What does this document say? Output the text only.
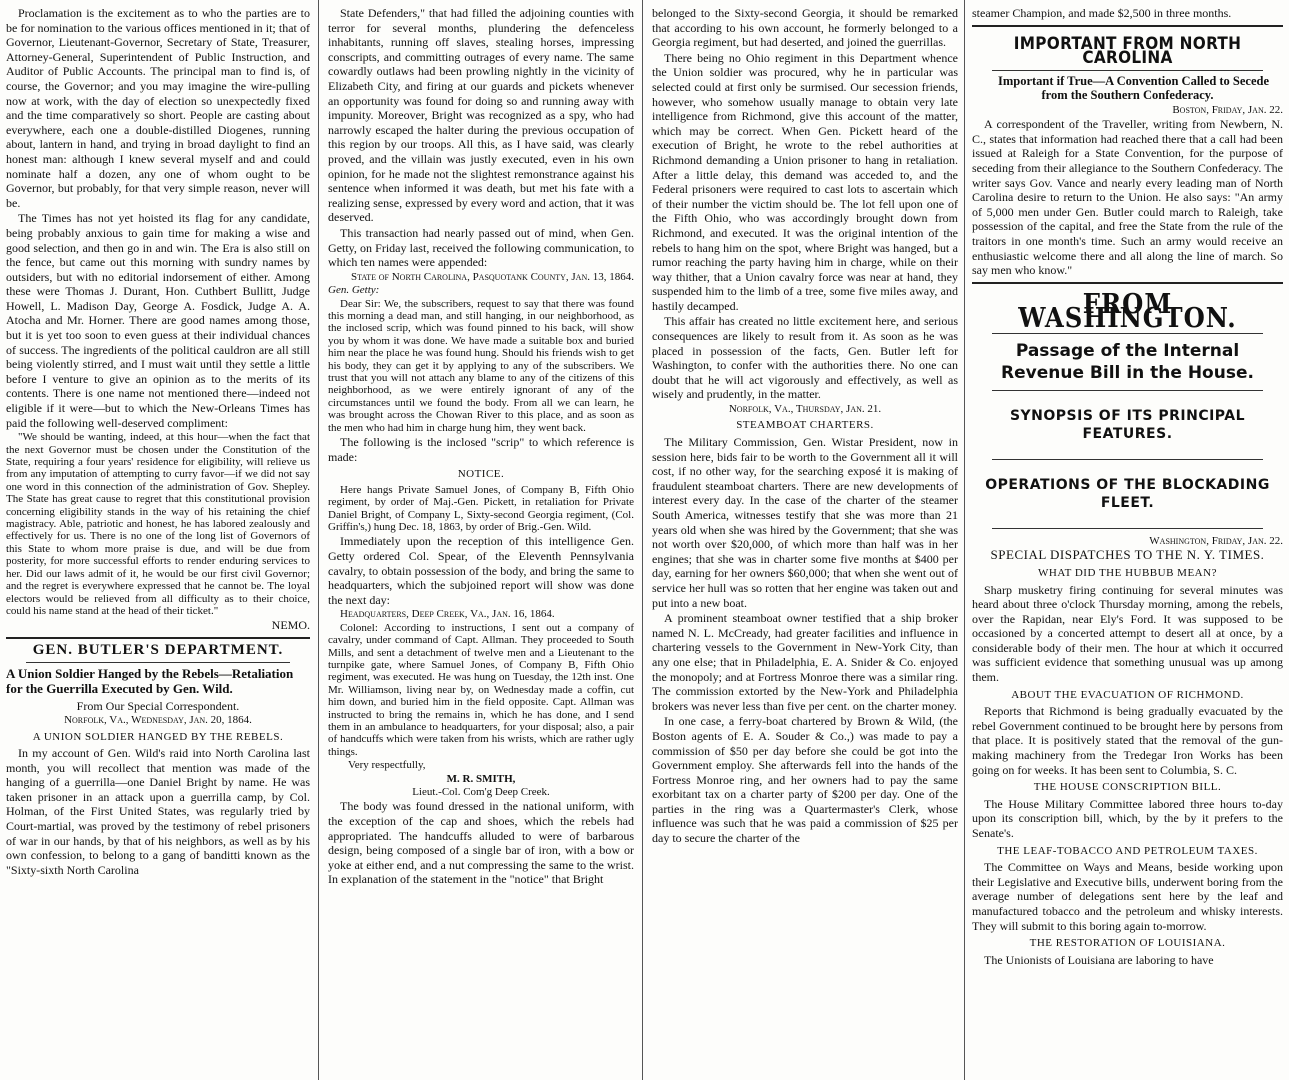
Proclamation is the excitement as to who the parties are to be for nomination to the various offices mentioned in it; that of Governor, Lieutenant-Governor, Secretary of State, Treasurer, Attorney-General, Superintendent of Public Instruction, and Auditor of Public Accounts. The principal man to find is, of course, the Governor; and you may imagine the wire-pulling now at work, with the day of election so unexpectedly fixed and the time comparatively so short. People are casting about everywhere, each one a double-distilled Diogenes, running about, lantern in hand, and trying in broad daylight to find an honest man: although I knew several myself and and could nominate half a dozen, any one of whom ought to be Governor, but probably, for that very simple reason, never will be.

The Times has not yet hoisted its flag for any candidate, being probably anxious to gain time for making a wise and good selection, and then go in and win. The Era is also still on the fence, but came out this morning with sundry names by outsiders, but with no editorial indorsement of either. Among these were Thomas J. Durant, Hon. Cuthbert Bullitt, Judge Howell, L. Madison Day, George A. Fosdick, Judge A. A. Atocha and Mr. Horner. There are good names among those, but it is yet too soon to even guess at their individual chances of success. The ingredients of the political cauldron are all still being violently stirred, and I must wait until they settle a little before I venture to give an opinion as to the merits of its contents. There is one name not mentioned there—indeed not eligible if it were—but to which the New-Orleans Times has paid the following well-deserved compliment:

"We should be wanting, indeed, at this hour—when the fact that the next Governor must be chosen under the Constitution of the State, requiring a four years' residence for eligibility, will relieve us from any imputation of attempting to curry favor—if we did not say one word in this connection of the administration of Gov. Shepley. The State has great cause to regret that this constitutional provision concerning eligibility stands in the way of his retaining the chief magistracy. Able, patriotic and honest, he has labored zealously and effectively for us. There is no one of the long list of Governors of this State to whom more praise is due, and will be due from posterity, for more successful efforts to render enduring services to her. Did our laws admit of it, he would be our first civil Governor; and the regret is everywhere expressed that he cannot be. The loyal electors would be relieved from all difficulty as to their choice, could his name stand at the head of their ticket."

NEMO.

GEN. BUTLER'S DEPARTMENT.

A Union Soldier Hanged by the Rebels—Retaliation for the Guerrilla Executed by Gen. Wild.

From Our Special Correspondent.

Norfolk, Va., Wednesday, Jan. 20, 1864.

A UNION SOLDIER HANGED BY THE REBELS.

In my account of Gen. Wild's raid into North Carolina last month, you will recollect that mention was made of the hanging of a guerrilla—one Daniel Bright by name. He was taken prisoner in an attack upon a guerrilla camp, by Col. Holman, of the First United States, was regularly tried by Court-martial, was proved by the testimony of rebel prisoners of war in our hands, by that of his neighbors, as well as by his own confession, to belong to a gang of banditti known as the "Sixty-sixth North Carolina

State Defenders," that had filled the adjoining counties with terror for several months, plundering the defenceless inhabitants, running off slaves, stealing horses, impressing conscripts, and committing outrages of every name. The same cowardly outlaws had been prowling nightly in the vicinity of Elizabeth City, and firing at our guards and pickets whenever an opportunity was found for doing so and running away with impunity. Moreover, Bright was recognized as a spy, who had narrowly escaped the halter during the previous occupation of this region by our troops. All this, as I have said, was clearly proved, and the villain was justly executed, even in his own opinion, for he made not the slightest remonstrance against his sentence when informed it was death, but met his fate with a realizing sense, expressed by every word and action, that it was deserved.

This transaction had nearly passed out of mind, when Gen. Getty, on Friday last, received the following communication, to which ten names were appended:

State of North Carolina, Pasquotank County, Jan. 13, 1864.

Gen. Getty:

Dear Sir: We, the subscribers, request to say that there was found this morning a dead man, and still hanging, in our neighborhood, as the inclosed scrip, which was found pinned to his back, will show you by whom it was done. We have made a suitable box and buried him near the place he was found hung. Should his friends wish to get his body, they can get it by applying to any of the subscribers. We trust that you will not attach any blame to any of the citizens of this neighborhood, as we were entirely ignorant of any of the circumstances until we found the body. From all we can learn, he was brought across the Chowan River to this place, and as soon as the men who had him in charge hung him, they went back.

The following is the inclosed "scrip" to which reference is made:

NOTICE.

Here hangs Private Samuel Jones, of Company B, Fifth Ohio regiment, by order of Maj.-Gen. Pickett, in retaliation for Private Daniel Bright, of Company L, Sixty-second Georgia regiment, (Col. Griffin's,) hung Dec. 18, 1863, by order of Brig.-Gen. Wild.

Immediately upon the reception of this intelligence Gen. Getty ordered Col. Spear, of the Eleventh Pennsylvania cavalry, to obtain possession of the body, and bring the same to headquarters, which the subjoined report will show was done the next day:

Headquarters, Deep Creek, Va., Jan. 16, 1864.

Colonel: According to instructions, I sent out a company of cavalry, under command of Capt. Allman. They proceeded to South Mills, and sent a detachment of twelve men and a Lieutenant to the turnpike gate, where Samuel Jones, of Company B, Fifth Ohio regiment, was executed. He was hung on Tuesday, the 12th inst. One Mr. Williamson, living near by, on Wednesday made a coffin, cut him down, and buried him in the field opposite. Capt. Allman was instructed to bring the remains in, which he has done, and I send them in an ambulance to headquarters, for your disposal; also, a pair of handcuffs which were taken from his wrists, which are rather ugly things.

Very respectfully,

M. R. SMITH,

Lieut.-Col. Com'g Deep Creek.

The body was found dressed in the national uniform, with the exception of the cap and shoes, which the rebels had appropriated. The handcuffs alluded to were of barbarous design, being composed of a single bar of iron, with a bow or yoke at either end, and a nut compressing the same to the wrist. In explanation of the statement in the "notice" that Bright

belonged to the Sixty-second Georgia, it should be remarked that according to his own account, he formerly belonged to a Georgia regiment, but had deserted, and joined the guerrillas.

There being no Ohio regiment in this Department whence the Union soldier was procured, why he in particular was selected could at first only be surmised. Our secession friends, however, who somehow usually manage to obtain very late intelligence from Richmond, give this account of the matter, which may be correct. When Gen. Pickett heard of the execution of Bright, he wrote to the rebel authorities at Richmond demanding a Union prisoner to hang in retaliation. After a little delay, this demand was acceded to, and the Federal prisoners were required to cast lots to ascertain which of their number the victim should be. The lot fell upon one of the Fifth Ohio, who was accordingly brought down from Richmond, and executed. It was the original intention of the rebels to hang him on the spot, where Bright was hanged, but a rumor reaching the party having him in charge, while on their way thither, that a Union cavalry force was near at hand, they suspended him to the limb of a tree, some five miles away, and hastily decamped.

This affair has created no little excitement here, and serious consequences are likely to result from it. As soon as he was placed in possession of the facts, Gen. Butler left for Washington, to confer with the authorities there. No one can doubt that he will act vigorously and effectively, as well as wisely and prudently, in the matter.

Norfolk, Va., Thursday, Jan. 21.

STEAMBOAT CHARTERS.

The Military Commission, Gen. Wistar President, now in session here, bids fair to be worth to the Government all it will cost, if no other way, for the searching exposé it is making of fraudulent steamboat charters. There are new developments of interest every day. In the case of the charter of the steamer South America, witnesses testify that she was more than 21 years old when she was hired by the Government; that she was not worth over $20,000, of which more than half was in her engines; that she was in charter some five months at $400 per day, earning for her owners $60,000; that when she went out of service her hull was so rotten that her engine was taken out and put into a new boat.

A prominent steamboat owner testified that a ship broker named N. L. McCready, had greater facilities and influence in chartering vessels to the Government in New-York City, than any one else; that in Philadelphia, E. A. Snider & Co. enjoyed the monopoly; and at Fortress Monroe there was a similar ring. The commission extorted by the New-York and Philadelphia brokers was never less than five per cent. on the charter money.

In one case, a ferry-boat chartered by Brown & Wild, (the Boston agents of E. A. Souder & Co.,) was made to pay a commission of $50 per day before she could be got into the Government employ. She afterwards fell into the hands of the Fortress Monroe ring, and her owners had to pay the same exorbitant tax on a charter party of $200 per day. One of the parties in the ring was a Quartermaster's Clerk, whose influence was such that he was paid a commission of $25 per day to secure the charter of the

steamer Champion, and made $2,500 in three months.

IMPORTANT FROM NORTH CAROLINA

Important if True—A Convention Called to Secede from the Southern Confederacy.

Boston, Friday, Jan. 22.

A correspondent of the Traveller, writing from Newbern, N. C., states that information had reached there that a call had been issued at Raleigh for a State Convention, for the purpose of seceding from their allegiance to the Southern Confederacy. The writer says Gov. Vance and nearly every leading man of North Carolina desire to return to the Union. He also says: "An army of 5,000 men under Gen. Butler could march to Raleigh, take possession of the capital, and free the State from the rule of the traitors in one month's time. Such an army would receive an enthusiastic welcome there and all along the line of march. So say men who know."

FROM WASHINGTON.
Passage of the Internal Revenue Bill in the House.
SYNOPSIS OF ITS PRINCIPAL FEATURES.
OPERATIONS OF THE BLOCKADING FLEET.

Washington, Friday, Jan. 22.

SPECIAL DISPATCHES TO THE N. Y. TIMES.

WHAT DID THE HUBBUB MEAN?

Sharp musketry firing continuing for several minutes was heard about three o'clock Thursday morning, among the rebels, over the Rapidan, near Ely's Ford. It was supposed to be occasioned by a concerted attempt to desert all at once, by a considerable body of their men. The hour at which it occurred was sufficient evidence that something unusual was up among them.

ABOUT THE EVACUATION OF RICHMOND.

Reports that Richmond is being gradually evacuated by the rebel Government continued to be brought here by persons from that place. It is positively stated that the removal of the gun-making machinery from the Tredegar Iron Works has been going on for weeks. It has been sent to Columbia, S. C.

THE HOUSE CONSCRIPTION BILL.

The House Military Committee labored three hours to-day upon its conscription bill, which, by the by it prefers to the Senate's.

THE LEAF-TOBACCO AND PETROLEUM TAXES.

The Committee on Ways and Means, beside working upon their Legislative and Executive bills, underwent boring from the average number of delegations sent here by the leaf and manufactured tobacco and the petroleum and whisky interests. They will submit to this boring again to-morrow.

THE RESTORATION OF LOUISIANA.

The Unionists of Louisiana are laboring to have
